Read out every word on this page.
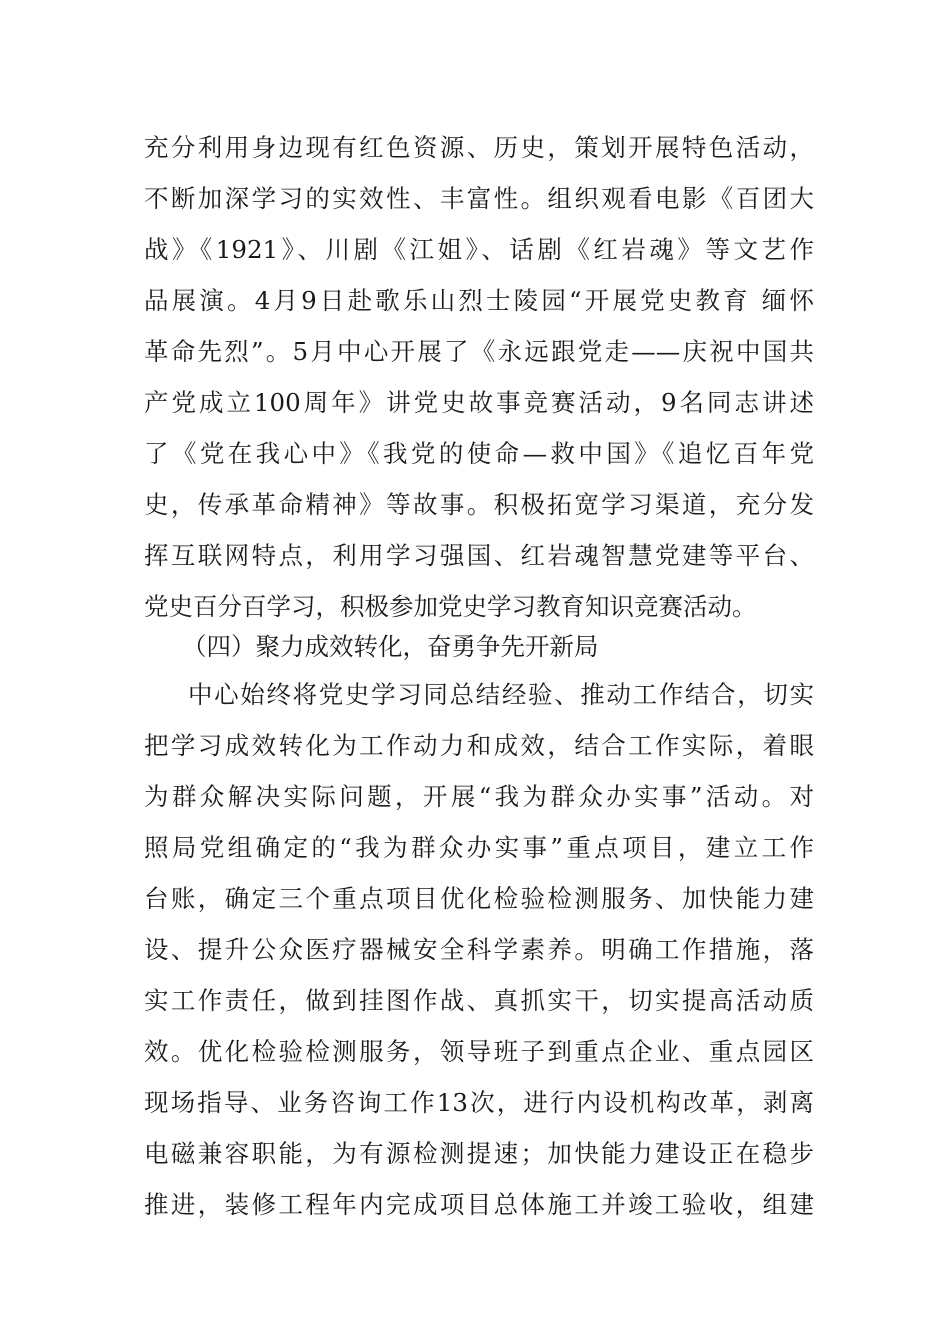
充分利用身边现有红色资源、历史，策划开展特色活动，
不断加深学习的实效性、丰富性。组织观看电影《百团大
战》《1921》、川剧《江姐》、话剧《红岩魂》等文艺作
品展演。4月9日赴歌乐山烈士陵园“开展党史教育 缅怀
革命先烈”。5月中心开展了《永远跟党走——庆祝中国共
产党成立100周年》讲党史故事竞赛活动，9名同志讲述
了《党在我心中》《我党的使命—救中国》《追忆百年党
史，传承革命精神》等故事。积极拓宽学习渠道，充分发
挥互联网特点，利用学习强国、红岩魂智慧党建等平台、
党史百分百学习，积极参加党史学习教育知识竞赛活动。
（四）聚力成效转化，奋勇争先开新局
中心始终将党史学习同总结经验、推动工作结合，切实
把学习成效转化为工作动力和成效，结合工作实际，着眼
为群众解决实际问题，开展“我为群众办实事”活动。对
照局党组确定的“我为群众办实事”重点项目，建立工作
台账，确定三个重点项目优化检验检测服务、加快能力建
设、提升公众医疗器械安全科学素养。明确工作措施，落
实工作责任，做到挂图作战、真抓实干，切实提高活动质
效。优化检验检测服务，领导班子到重点企业、重点园区
现场指导、业务咨询工作13次，进行内设机构改革，剥离
电磁兼容职能，为有源检测提速；加快能力建设正在稳步
推进，装修工程年内完成项目总体施工并竣工验收，组建
